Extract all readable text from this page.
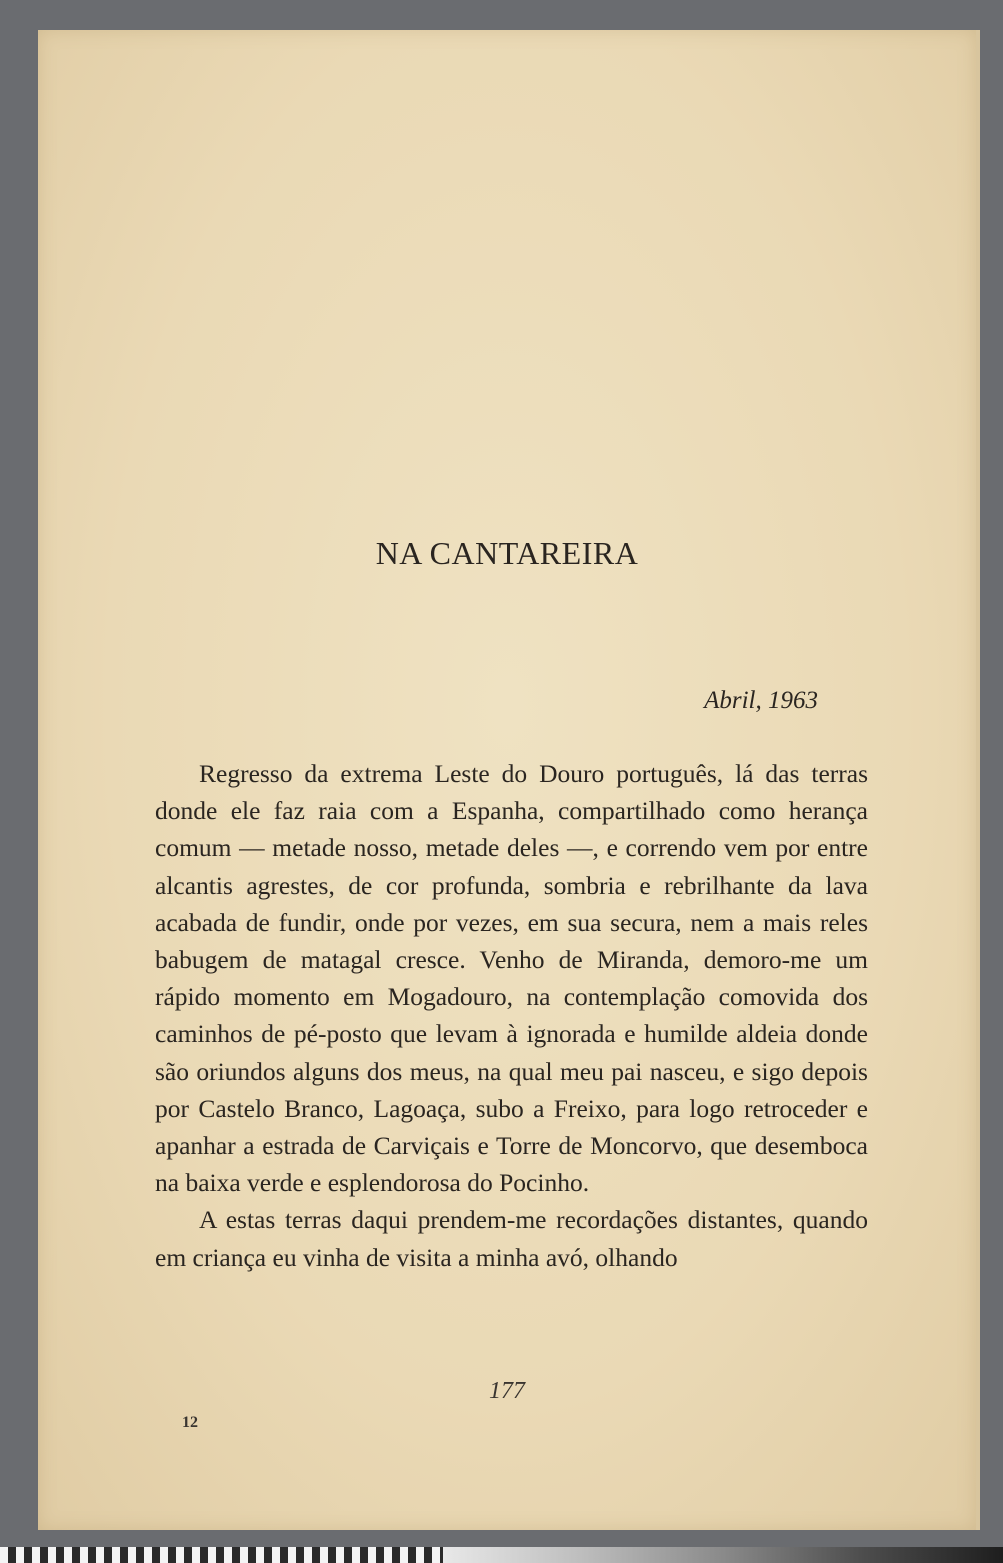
NA CANTAREIRA
Abril, 1963

Regresso da extrema Leste do Douro português, lá das terras donde ele faz raia com a Espanha, compartilhado como herança comum — metade nosso, metade deles —, e correndo vem por entre alcantis agrestes, de cor profunda, sombria e rebrilhante da lava acabada de fundir, onde por vezes, em sua secura, nem a mais reles babugem de matagal cresce. Venho de Miranda, demoro-me um rápido momento em Mogadouro, na contemplação comovida dos caminhos de pé-posto que levam à ignorada e humilde aldeia donde são oriundos alguns dos meus, na qual meu pai nasceu, e sigo depois por Castelo Branco, Lagoaça, subo a Freixo, para logo retroceder e apanhar a estrada de Carviçais e Torre de Moncorvo, que desemboca na baixa verde e esplendorosa do Pocinho.

A estas terras daqui prendem-me recordações distantes, quando em criança eu vinha de visita a minha avó, olhando

177
12
